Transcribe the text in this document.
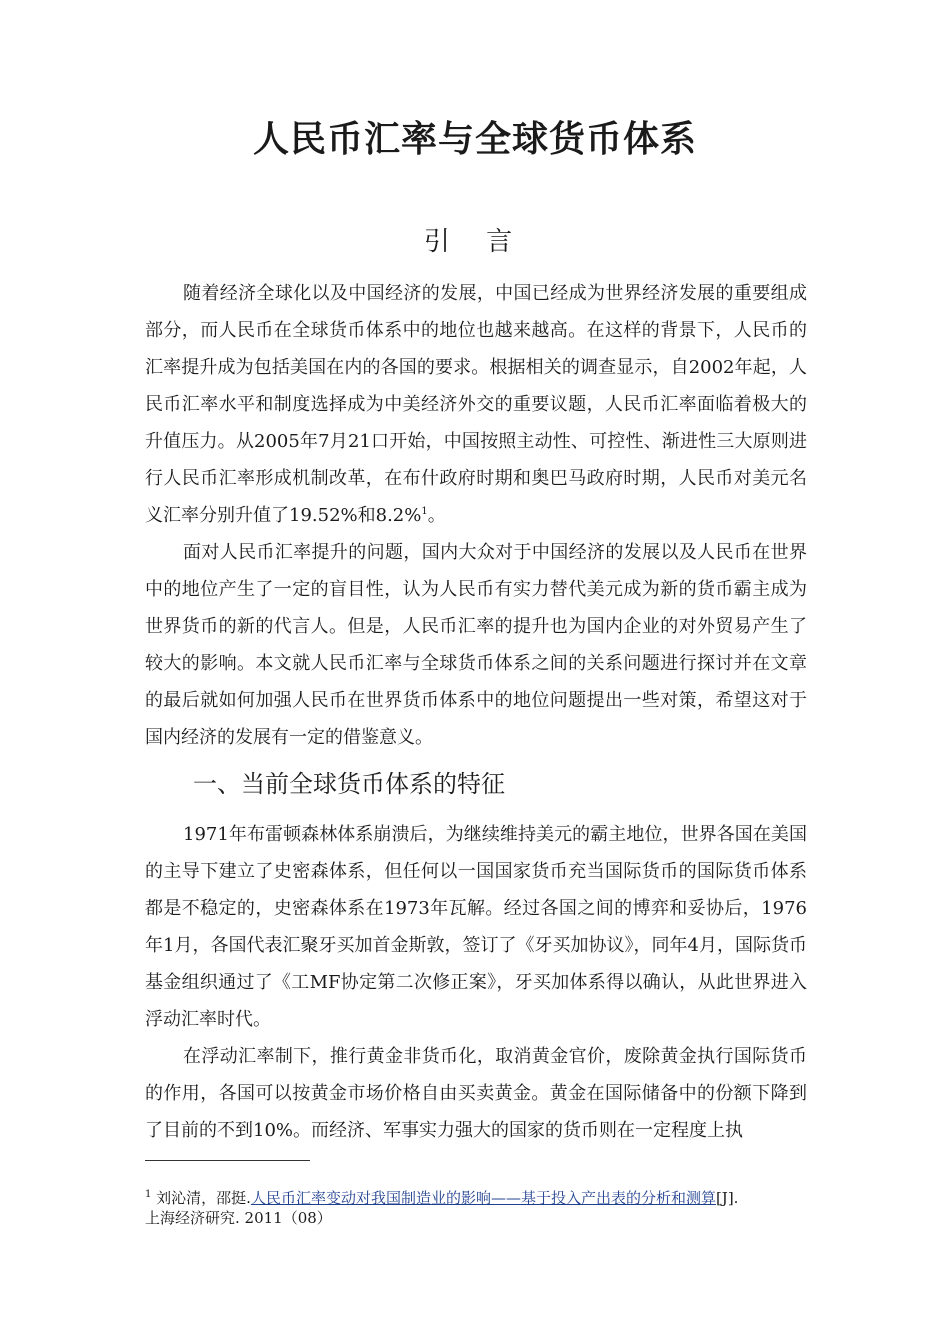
人民币汇率与全球货币体系
引 言

随着经济全球化以及中国经济的发展，中国已经成为世界经济发展的重要组成部分，而人民币在全球货币体系中的地位也越来越高。在这样的背景下，人民币的汇率提升成为包括美国在内的各国的要求。根据相关的调查显示，自2002年起，人民币汇率水平和制度选择成为中美经济外交的重要议题，人民币汇率面临着极大的升值压力。从2005年7月21口开始，中国按照主动性、可控性、渐进性三大原则进行人民币汇率形成机制改革，在布什政府时期和奥巴马政府时期，人民币对美元名义汇率分别升值了19.52%和8.2%$^1$。

面对人民币汇率提升的问题，国内大众对于中国经济的发展以及人民币在世界中的地位产生了一定的盲目性，认为人民币有实力替代美元成为新的货币霸主成为世界货币的新的代言人。但是，人民币汇率的提升也为国内企业的对外贸易产生了较大的影响。本文就人民币汇率与全球货币体系之间的关系问题进行探讨并在文章的最后就如何加强人民币在世界货币体系中的地位问题提出一些对策，希望这对于国内经济的发展有一定的借鉴意义。

一、当前全球货币体系的特征

1971年布雷顿森林体系崩溃后，为继续维持美元的霸主地位，世界各国在美国的主导下建立了史密森体系，但任何以一国国家货币充当国际货币的国际货币体系都是不稳定的，史密森体系在1973年瓦解。经过各国之间的博弈和妥协后，1976年1月，各国代表汇聚牙买加首金斯敦，签订了《牙买加协议》，同年4月，国际货币基金组织通过了《工MF协定第二次修正案》，牙买加体系得以确认，从此世界进入浮动汇率时代。

在浮动汇率制下，推行黄金非货币化，取消黄金官价，废除黄金执行国际货币的作用，各国可以按黄金市场价格自由买卖黄金。黄金在国际储备中的份额下降到了目前的不到10%。而经济、军事实力强大的国家的货币则在一定程度上执

$^1$ 刘沁清，邵挺.人民币汇率变动对我国制造业的影响——基于投入产出表的分析和测算[J].
上海经济研究. 2011（08）
